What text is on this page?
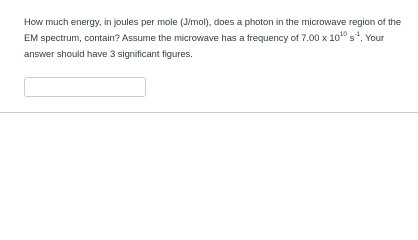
How much energy, in joules per mole (J/mol), does a photon in the microwave region of the EM spectrum, contain? Assume the microwave has a frequency of 7.00 x $10^{10}$ $s^{-1}$. Your answer should have 3 significant figures.
